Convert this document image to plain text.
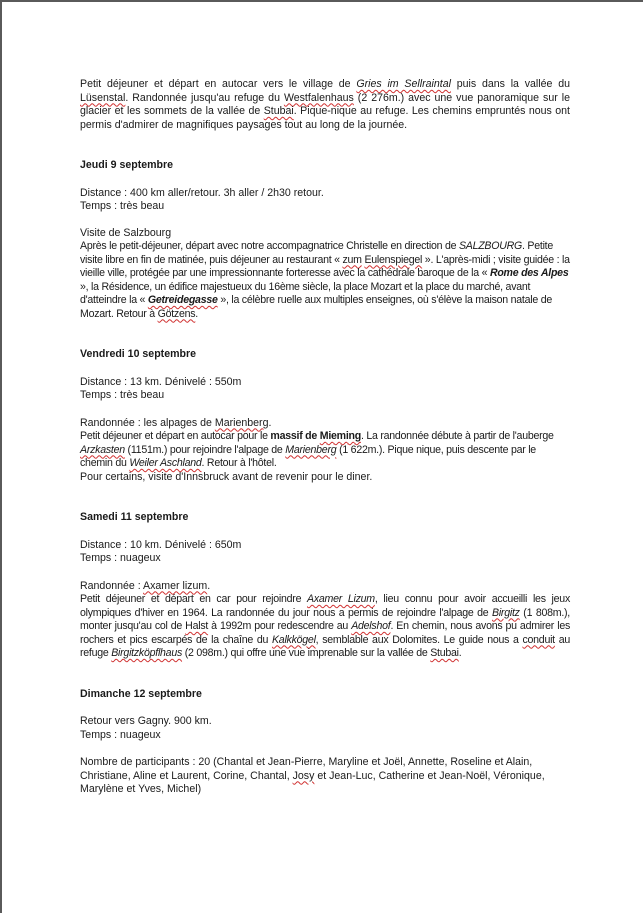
Petit déjeuner et départ en autocar vers le village de Gries im Sellraintal puis dans la vallée du Lüsenstal. Randonnée jusqu'au refuge du Westfalenhaus (2 276m.) avec une vue panoramique sur le glacier et les sommets de la vallée de Stubai. Pique-nique au refuge. Les chemins empruntés nous ont permis d'admirer de magnifiques paysages tout au long de la journée.

Jeudi 9 septembre

Distance : 400 km aller/retour. 3h aller / 2h30 retour.

Temps : très beau

Visite de Salzbourg

Après le petit-déjeuner, départ avec notre accompagnatrice Christelle en direction de SALZBOURG. Petite visite libre en fin de matinée, puis déjeuner au restaurant « zum Eulenspiegel ». L'après-midi ; visite guidée : la vieille ville, protégée par une impressionnante forteresse avec la cathédrale baroque de la « Rome des Alpes », la Résidence, un édifice majestueux du 16ème siècle, la place Mozart et la place du marché, avant d'atteindre la « Getreidegasse », la célèbre ruelle aux multiples enseignes, où s'élève la maison natale de Mozart. Retour à Götzens.

Vendredi 10 septembre

Distance : 13 km. Dénivelé : 550m

Temps : très beau

Randonnée : les alpages de Marienberg.

Petit déjeuner et départ en autocar pour le massif de Mieming. La randonnée débute à partir de l'auberge Arzkasten (1151m.) pour rejoindre l'alpage de Marienberg (1 622m.). Pique nique, puis descente par le chemin du Weiler Aschland. Retour à l'hôtel.

Pour certains, visite d'Innsbruck avant de revenir pour le diner.

Samedi 11 septembre

Distance : 10 km. Dénivelé : 650m

Temps : nuageux

Randonnée : Axamer lizum.

Petit déjeuner et départ en car pour rejoindre Axamer Lizum, lieu connu pour avoir accueilli les jeux olympiques d'hiver en 1964. La randonnée du jour nous a permis de rejoindre l'alpage de Birgitz (1 808m.), monter jusqu'au col de Halst à 1992m pour redescendre au Adelshof. En chemin, nous avons pu admirer les rochers et pics escarpés de la chaîne du Kalkkögel, semblable aux Dolomites. Le guide nous a conduit au refuge Birgitzköpflhaus (2 098m.) qui offre une vue imprenable sur la vallée de Stubai.

Dimanche 12 septembre

Retour vers Gagny. 900 km.

Temps : nuageux

Nombre de participants : 20 (Chantal et Jean-Pierre, Maryline et Joël, Annette, Roseline et Alain, Christiane, Aline et Laurent, Corine, Chantal, Josy et Jean-Luc, Catherine et Jean-Noël, Véronique, Marylène et Yves, Michel)
